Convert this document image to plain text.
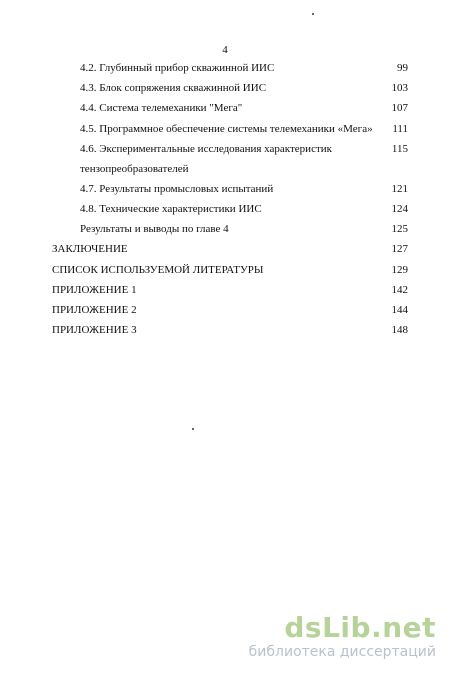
4
4.2. Глубинный прибор скважинной ИИС	99
4.3. Блок сопряжения скважинной ИИС	103
4.4. Система телемеханики "Мега"	107
4.5. Программное обеспечение системы телемеханики «Мега» 111
4.6. Экспериментальные исследования характеристик	115
тензопреобразователей
4.7. Результаты промысловых испытаний	121
4.8. Технические характеристики ИИС	124
Результаты и выводы по главе 4	125
ЗАКЛЮЧЕНИЕ	127
СПИСОК ИСПОЛЬЗУЕМОЙ ЛИТЕРАТУРЫ	129
ПРИЛОЖЕНИЕ 1	142
ПРИЛОЖЕНИЕ 2	144
ПРИЛОЖЕНИЕ 3	148
dsLib.net
библиотека диссертаций
